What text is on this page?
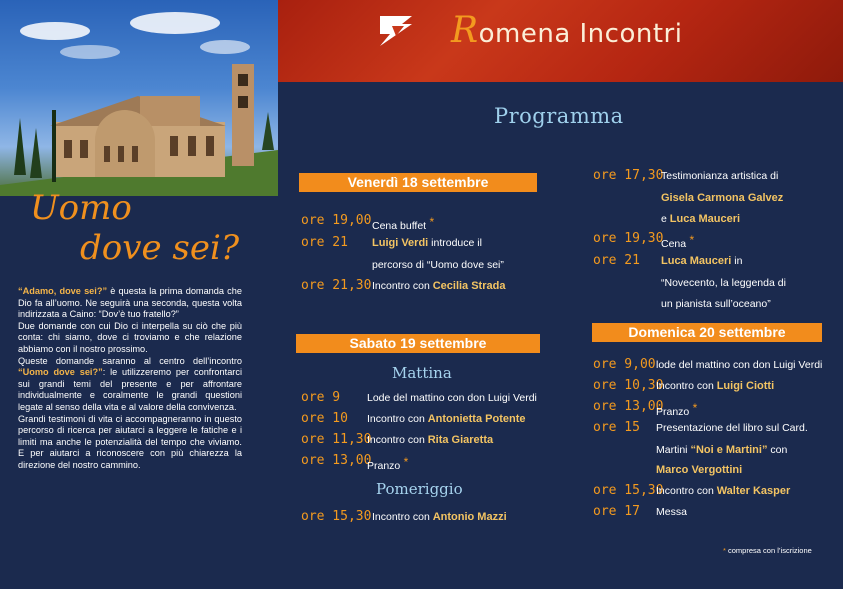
Uomo
dove sei?

“Adamo, dove sei?” è questa la prima domanda che Dio fa all’uomo. Ne seguirà una seconda, questa volta indirizzata a Caino: “Dov’è tuo fratello?”

Due domande con cui Dio ci interpella su ciò che più conta: chi siamo, dove ci troviamo e che relazione abbiamo con il nostro prossimo.

Queste domande saranno al centro dell’incontro “Uomo dove sei?”: le utilizzeremo per confrontarci sui grandi temi del presente e per affrontare individualmente e coralmente le grandi questioni legate al senso della vita e al valore della convivenza.

Grandi testimoni di vita ci accompagneranno in questo percorso di ricerca per aiutarci a leggere le fatiche e i limiti ma anche le potenzialità del tempo che viviamo. E per aiutarci a riconoscere con più chiarezza la direzione del nostro cammino.

Romena Incontri
Programma
Venerdì 18 settembre
Sabato 19 settembre
Domenica 20 settembre
Mattina
Pomeriggio
ore 19,00 Cena buffet *
ore 21 Luigi Verdi introduce il
percorso di “Uomo dove sei”
ore 21,30 Incontro con Cecilia Strada
ore 9	Lode del mattino con don Luigi Verdi
ore 10 Incontro con Antonietta Potente
ore 11,30
Incontro con Rita Giaretta
ore 13,00
Pranzo *
ore 15,30 Incontro con Antonio Mazzi
ore 17,30
Testimonianza artistica di
Gisela Carmona Galvez
e Luca Mauceri
ore 19,30
Cena *
ore 21 Luca Mauceri in
“Novecento, la leggenda di
un pianista sull’oceano”
ore 9,00 lode del mattino con don Luigi Verdi
ore 10,30
Incontro con Luigi Ciotti
ore 13,00
Pranzo *
ore 15 Presentazione del libro sul Card.
Martini “Noi e Martini” con
Marco Vergottini
ore 15,30
Incontro con Walter Kasper
ore 17 Messa
* compresa con l’iscrizione
